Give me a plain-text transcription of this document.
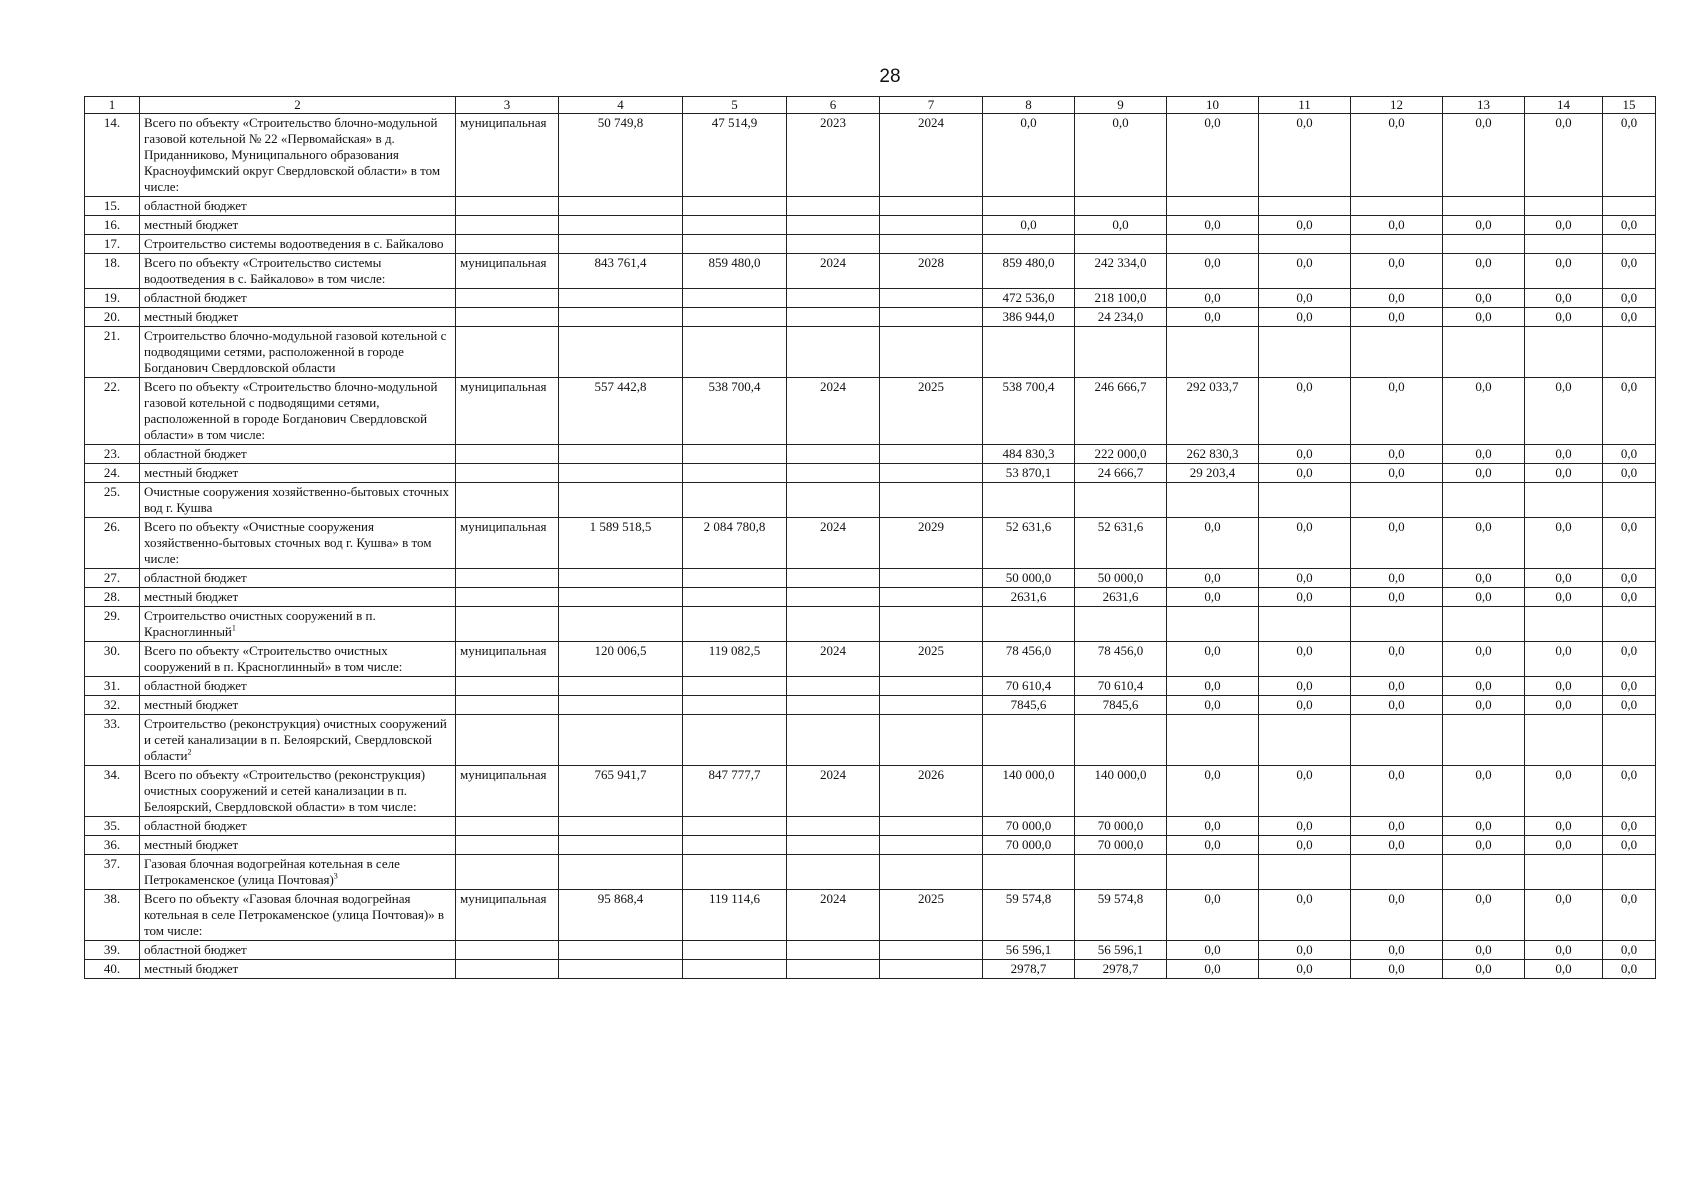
28
1	2	3	4	5	6	7	8	9	10	11	12	13	14	15
14.	Всего по объекту «Строительство блочно-модульной газовой котельной № 22 «Первомайская» в д. Приданниково, Муниципального образования Красноуфимский округ Свердловской области» в том числе:	муниципальная	50 749,8	47 514,9	2023	2024	0,0	0,0	0,0	0,0	0,0	0,0	0,0	0,0
15.	областной бюджет													
16.	местный бюджет						0,0	0,0	0,0	0,0	0,0	0,0	0,0	0,0
17.	Строительство системы водоотведения в с. Байкалово													
18.	Всего по объекту «Строительство системы водоотведения в с. Байкалово» в том числе:	муниципальная	843 761,4	859 480,0	2024	2028	859 480,0	242 334,0	0,0	0,0	0,0	0,0	0,0	0,0
19.	областной бюджет						472 536,0	218 100,0	0,0	0,0	0,0	0,0	0,0	0,0
20.	местный бюджет						386 944,0	24 234,0	0,0	0,0	0,0	0,0	0,0	0,0
21.	Строительство блочно-модульной газовой котельной с подводящими сетями, расположенной в городе Богданович Свердловской области													
22.	Всего по объекту «Строительство блочно-модульной газовой котельной с подводящими сетями, расположенной в городе Богданович Свердловской области» в том числе:	муниципальная	557 442,8	538 700,4	2024	2025	538 700,4	246 666,7	292 033,7	0,0	0,0	0,0	0,0	0,0
23.	областной бюджет						484 830,3	222 000,0	262 830,3	0,0	0,0	0,0	0,0	0,0
24.	местный бюджет						53 870,1	24 666,7	29 203,4	0,0	0,0	0,0	0,0	0,0
25.	Очистные сооружения хозяйственно-бытовых сточных вод г. Кушва													
26.	Всего по объекту «Очистные сооружения хозяйственно-бытовых сточных вод г. Кушва» в том числе:	муниципальная	1 589 518,5	2 084 780,8	2024	2029	52 631,6	52 631,6	0,0	0,0	0,0	0,0	0,0	0,0
27.	областной бюджет						50 000,0	50 000,0	0,0	0,0	0,0	0,0	0,0	0,0
28.	местный бюджет						2631,6	2631,6	0,0	0,0	0,0	0,0	0,0	0,0
29.	Строительство очистных сооружений в п. Красноглинный$^1$													
30.	Всего по объекту «Строительство очистных сооружений в п. Красноглинный» в том числе:	муниципальная	120 006,5	119 082,5	2024	2025	78 456,0	78 456,0	0,0	0,0	0,0	0,0	0,0	0,0
31.	областной бюджет						70 610,4	70 610,4	0,0	0,0	0,0	0,0	0,0	0,0
32.	местный бюджет						7845,6	7845,6	0,0	0,0	0,0	0,0	0,0	0,0
33.	Строительство (реконструкция) очистных сооружений и сетей канализации в п. Белоярский, Свердловской области$^2$													
34.	Всего по объекту «Строительство (реконструкция) очистных сооружений и сетей канализации в п. Белоярский, Свердловской области» в том числе:	муниципальная	765 941,7	847 777,7	2024	2026	140 000,0	140 000,0	0,0	0,0	0,0	0,0	0,0	0,0
35.	областной бюджет						70 000,0	70 000,0	0,0	0,0	0,0	0,0	0,0	0,0
36.	местный бюджет						70 000,0	70 000,0	0,0	0,0	0,0	0,0	0,0	0,0
37.	Газовая блочная водогрейная котельная в селе Петрокаменское (улица Почтовая)$^3$													
38.	Всего по объекту «Газовая блочная водогрейная котельная в селе Петрокаменское (улица Почтовая)» в том числе:	муниципальная	95 868,4	119 114,6	2024	2025	59 574,8	59 574,8	0,0	0,0	0,0	0,0	0,0	0,0
39.	областной бюджет						56 596,1	56 596,1	0,0	0,0	0,0	0,0	0,0	0,0
40.	местный бюджет						2978,7	2978,7	0,0	0,0	0,0	0,0	0,0	0,0
